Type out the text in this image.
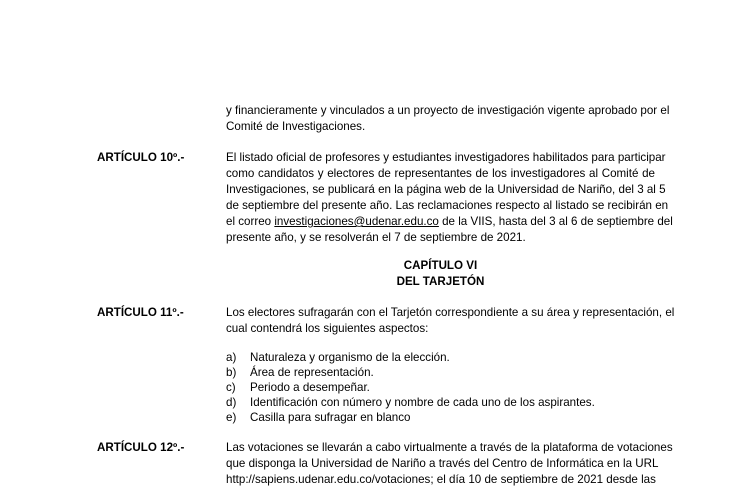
y financieramente y vinculados a un proyecto de investigación vigente aprobado por el
Comité de Investigaciones.
ARTÍCULO 10º.-	El listado oficial de profesores y estudiantes investigadores habilitados para participar
como candidatos y electores de representantes de los investigadores al Comité de
Investigaciones, se publicará en la página web de la Universidad de Nariño, del 3 al 5
de septiembre del presente año. Las reclamaciones respecto al listado se recibirán en
el correo investigaciones@udenar.edu.co de la VIIS, hasta del 3 al 6 de septiembre del
presente año, y se resolverán el 7 de septiembre de 2021.
CAPÍTULO VI
DEL TARJETÓN
ARTÍCULO 11º.-	Los electores sufragarán con el Tarjetón correspondiente a su área y representación, el
cual contendrá los siguientes aspectos:
a) Naturaleza y organismo de la elección.
b) Área de representación.
c) Periodo a desempeñar.
d) Identificación con número y nombre de cada uno de los aspirantes.
e) Casilla para sufragar en blanco
ARTÍCULO 12º.-	Las votaciones se llevarán a cabo virtualmente a través de la plataforma de votaciones
que disponga la Universidad de Nariño a través del Centro de Informática en la URL
http://sapiens.udenar.edu.co/votaciones; el día 10 de septiembre de 2021 desde las
